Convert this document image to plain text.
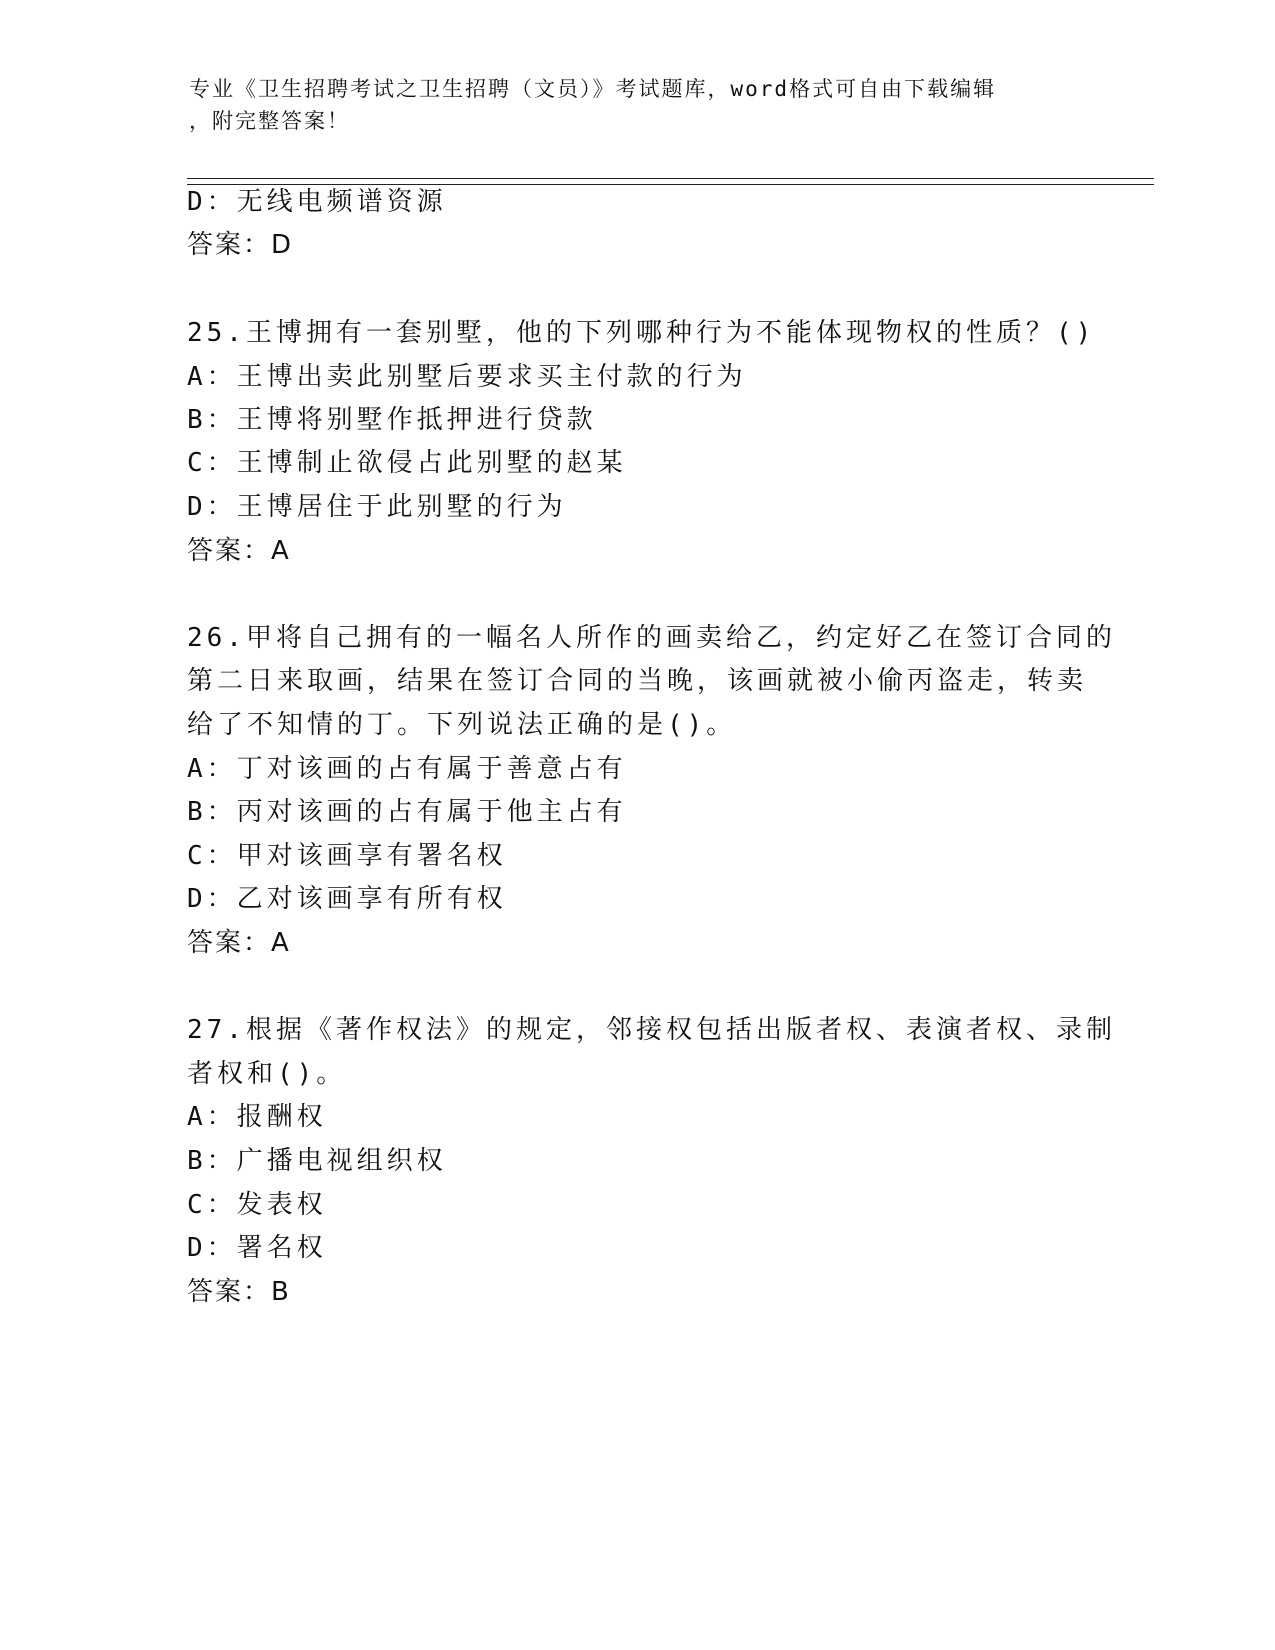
专业《卫生招聘考试之卫生招聘（文员）》考试题库，word格式可自由下载编辑
，附完整答案！
D：无线电频谱资源
答案：D
25.王博拥有一套别墅，他的下列哪种行为不能体现物权的性质？()
A：王博出卖此别墅后要求买主付款的行为
B：王博将别墅作抵押进行贷款
C：王博制止欲侵占此别墅的赵某
D：王博居住于此别墅的行为
答案：A
26.甲将自己拥有的一幅名人所作的画卖给乙，约定好乙在签订合同的
第二日来取画，结果在签订合同的当晚，该画就被小偷丙盗走，转卖
给了不知情的丁。下列说法正确的是()。
A：丁对该画的占有属于善意占有
B：丙对该画的占有属于他主占有
C：甲对该画享有署名权
D：乙对该画享有所有权
答案：A
27.根据《著作权法》的规定，邻接权包括出版者权、表演者权、录制
者权和()。
A：报酬权
B：广播电视组织权
C：发表权
D：署名权
答案：B
